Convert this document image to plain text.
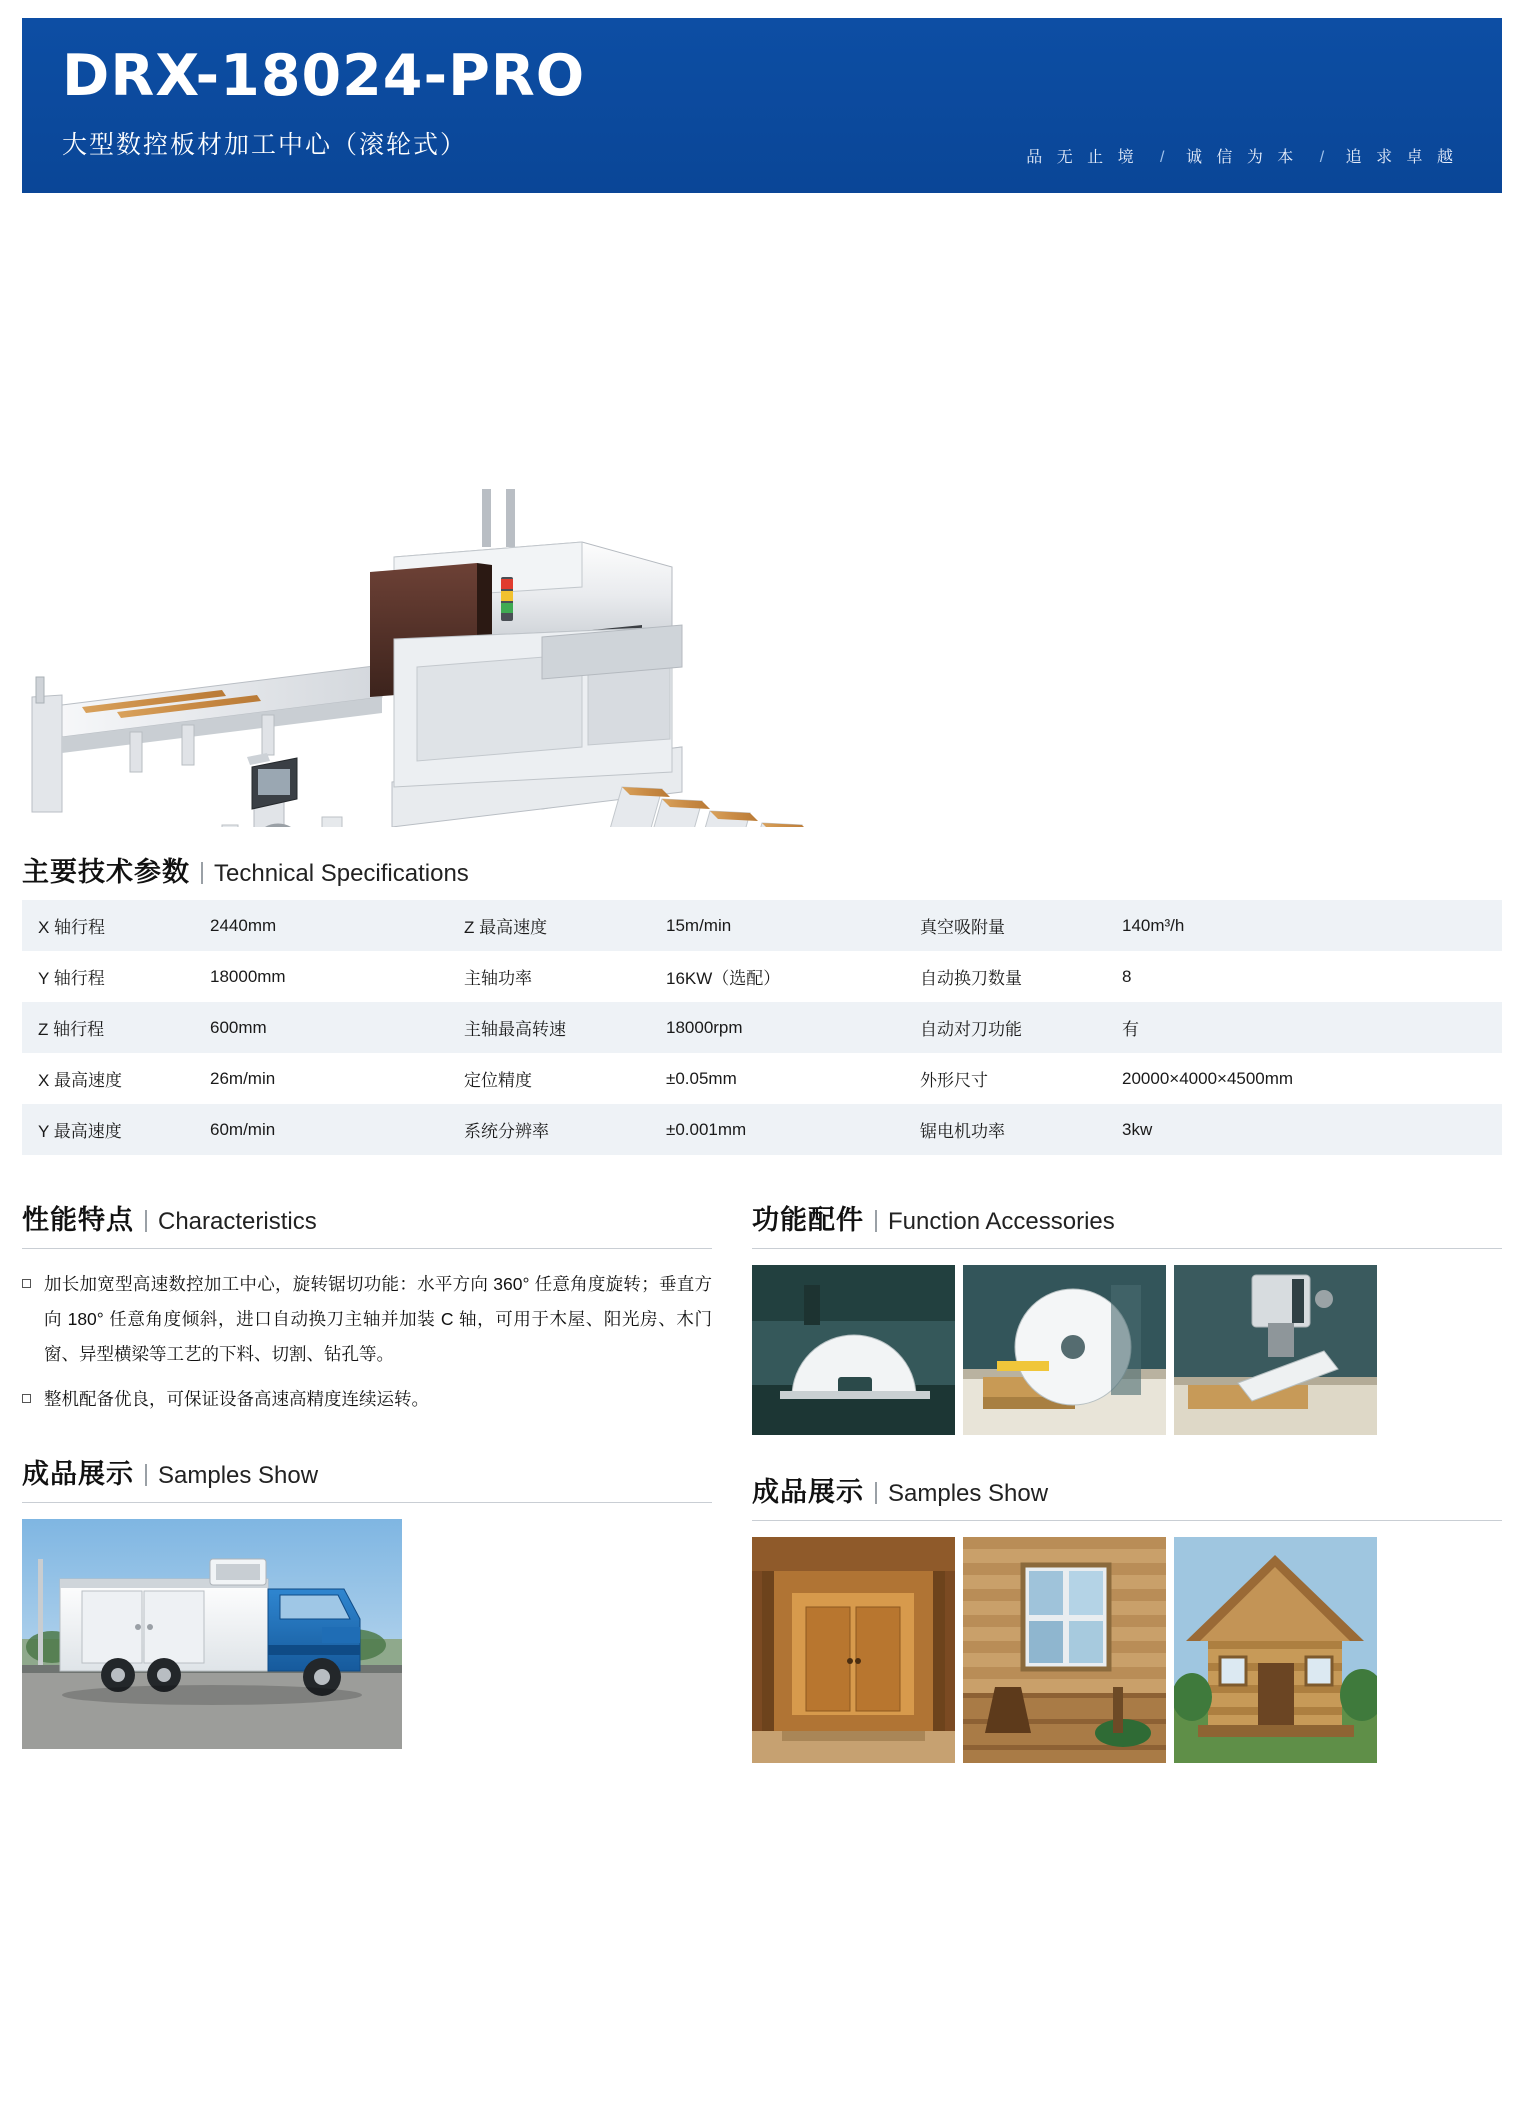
DRX-18024-PRO
大型数控板材加工中心（滚轮式）	品 无 止 境 / 诚 信 为 本 / 追 求 卓 越
主要技术参数 Technical Specifications
X 轴行程	2440mm	Z 最高速度	15m/min	真空吸附量	140m³/h
Y 轴行程	18000mm	主轴功率	16KW（选配）	自动换刀数量	8
Z 轴行程	600mm	主轴最高转速	18000rpm	自动对刀功能	有
X 最高速度	26m/min	定位精度	±0.05mm	外形尺寸	20000×4000×4500mm
Y 最高速度	60m/min	系统分辨率	±0.001mm	锯电机功率	3kw
性能特点 Characteristics
加长加宽型高速数控加工中心，旋转锯切功能：水平方向 360° 任意角度旋转；垂直方向 180° 任意角度倾斜，进口自动换刀主轴并加装 C 轴，可用于木屋、阳光房、木门窗、异型横梁等工艺的下料、切割、钻孔等。
整机配备优良，可保证设备高速高精度连续运转。
成品展示 Samples Show
功能配件 Function Accessories
成品展示 Samples Show
